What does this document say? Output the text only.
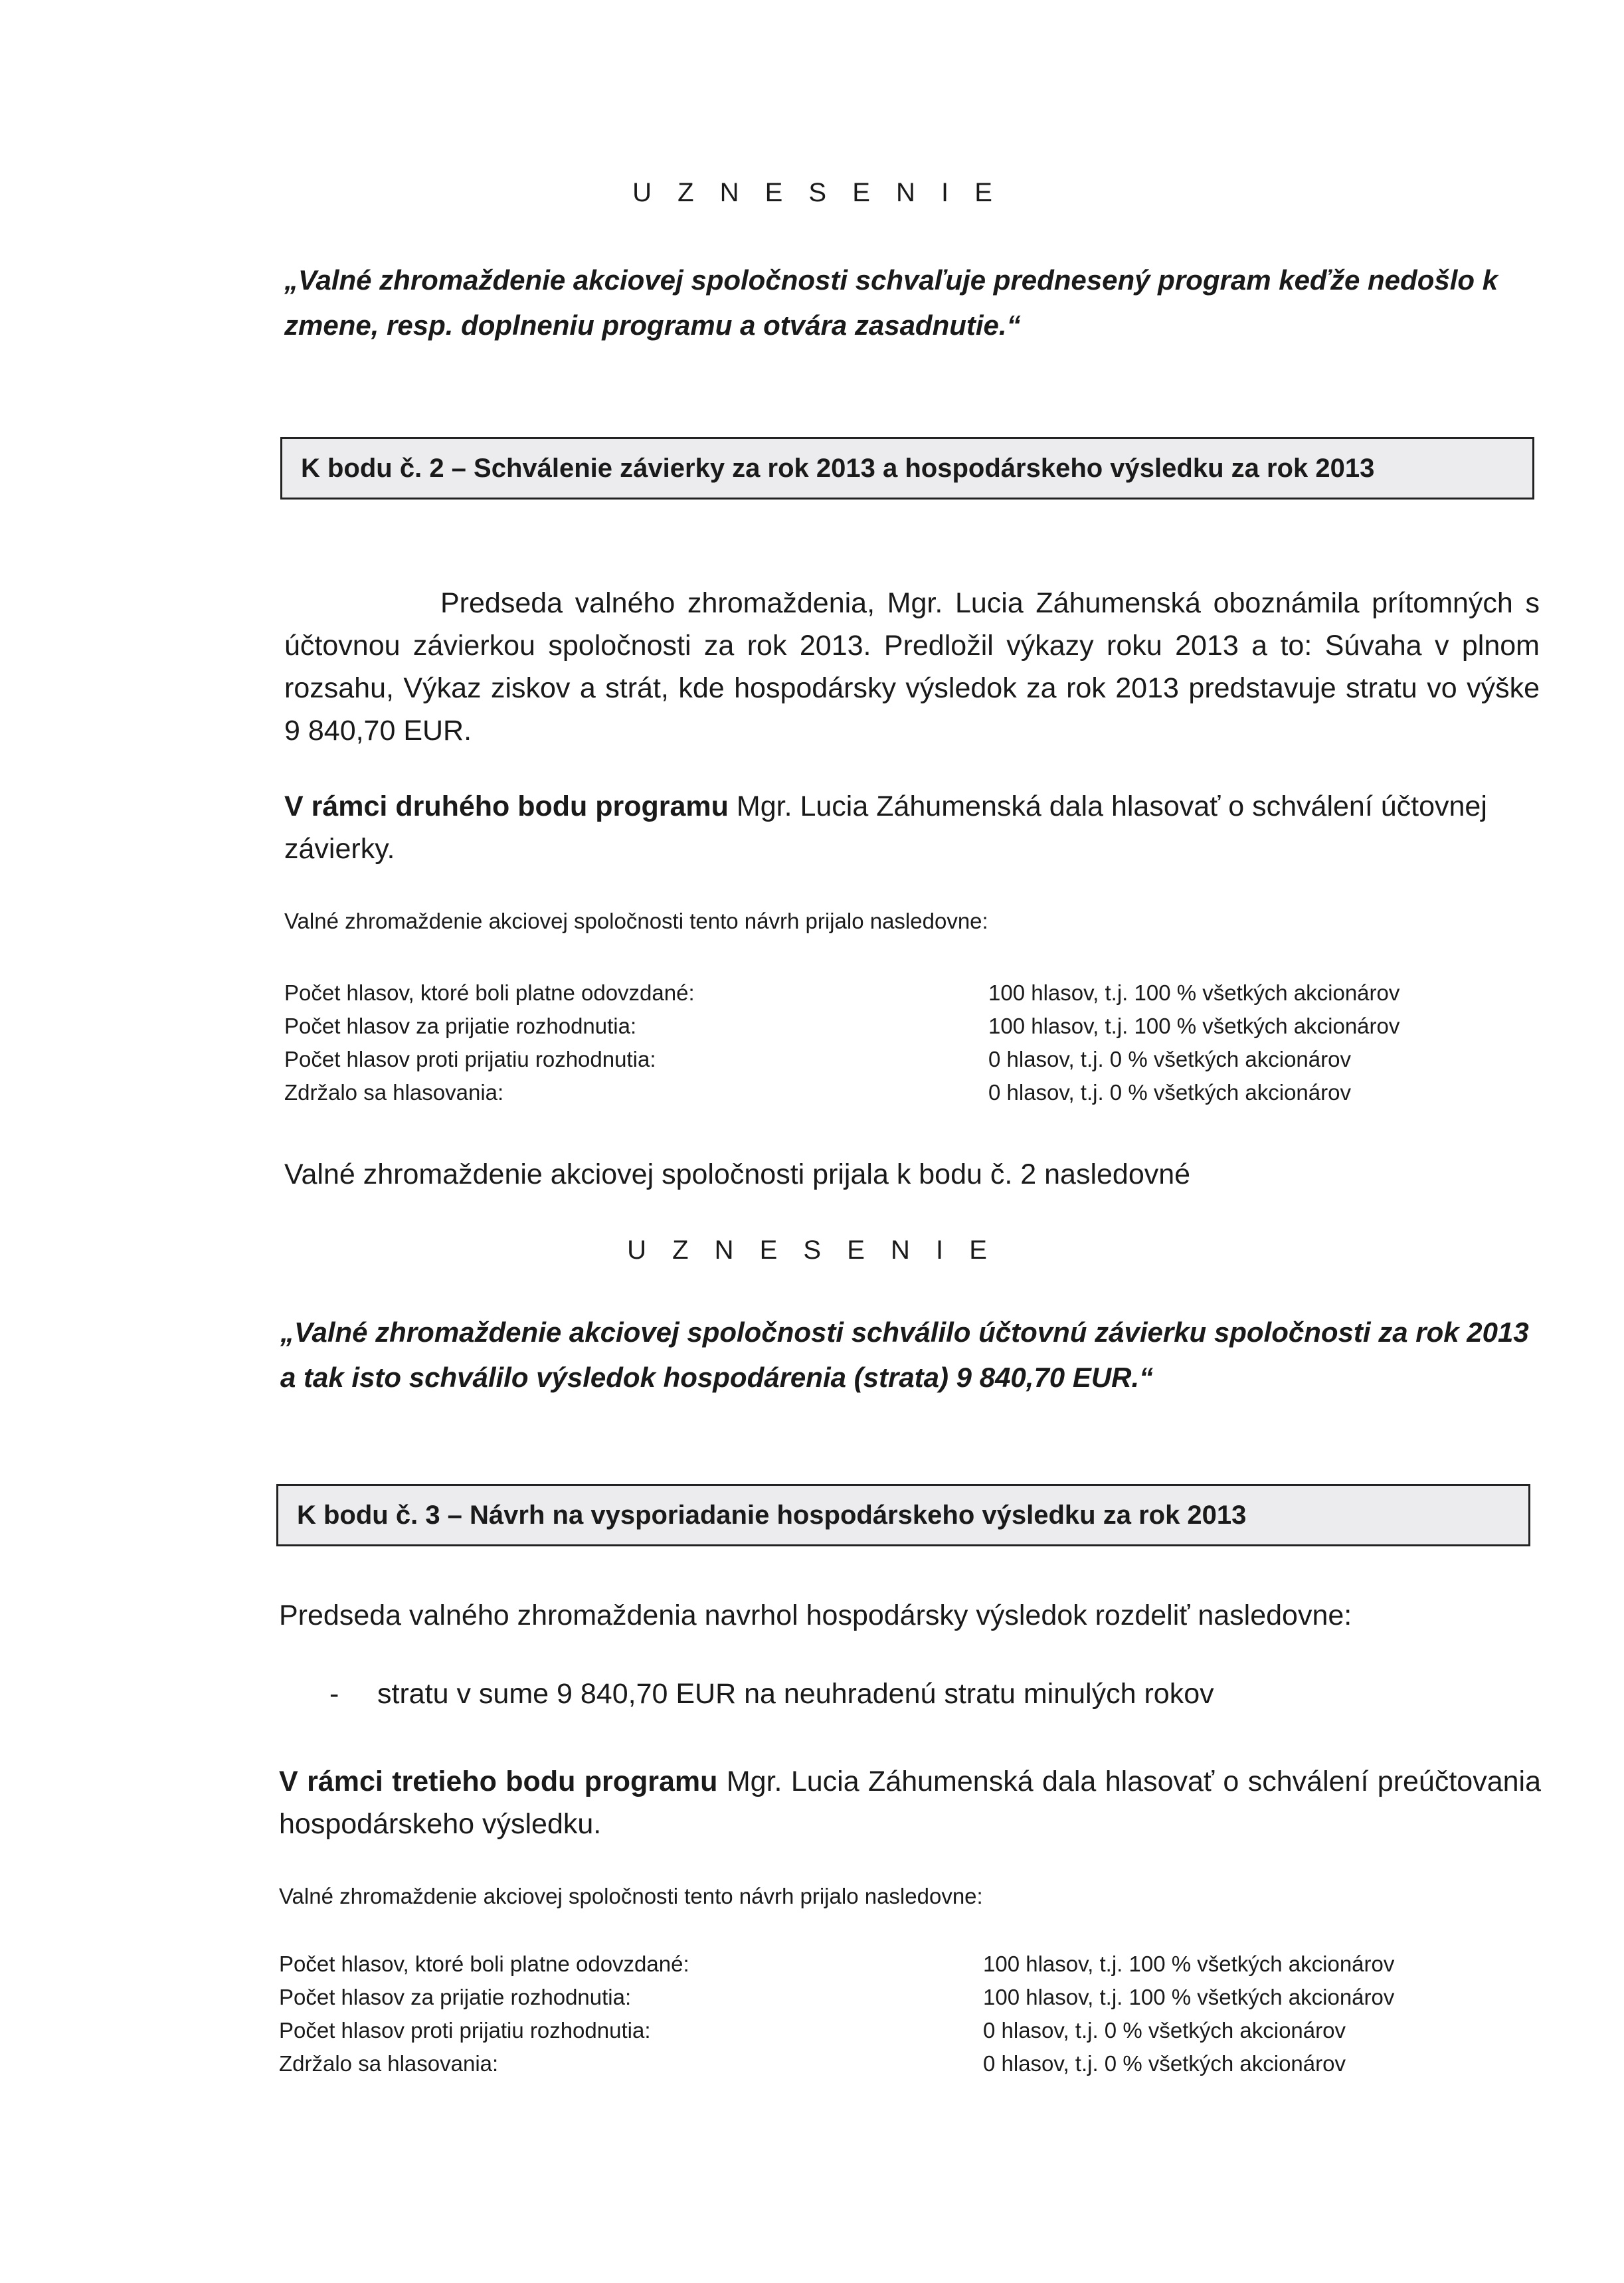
U Z N E S E N I E
„Valné zhromaždenie akciovej spoločnosti schvaľuje prednesený program keďže nedošlo k zmene, resp. doplneniu programu a otvára zasadnutie.“
K bodu č. 2 – Schválenie závierky za rok 2013 a hospodárskeho výsledku za rok 2013
Predseda valného zhromaždenia, Mgr. Lucia Záhumenská oboznámila prítomných s účtovnou závierkou spoločnosti za rok 2013. Predložil výkazy roku 2013 a to: Súvaha v plnom rozsahu, Výkaz ziskov a strát, kde hospodársky výsledok za rok 2013 predstavuje stratu vo výške 9 840,70 EUR.
V rámci druhého bodu programu Mgr. Lucia Záhumenská dala hlasovať o schválení účtovnej závierky.
Valné zhromaždenie akciovej spoločnosti tento návrh prijalo nasledovne:
Počet hlasov, ktoré boli platne odovzdané:	100 hlasov, t.j. 100 % všetkých akcionárov
Počet hlasov za prijatie rozhodnutia:	100 hlasov, t.j. 100 % všetkých akcionárov
Počet hlasov proti prijatiu rozhodnutia:	0 hlasov, t.j. 0 % všetkých akcionárov
Zdržalo sa hlasovania:	0 hlasov, t.j. 0 % všetkých akcionárov
Valné zhromaždenie akciovej spoločnosti prijala k bodu č. 2 nasledovné
U Z N E S E N I E
„Valné zhromaždenie akciovej spoločnosti schválilo účtovnú závierku spoločnosti za rok 2013 a tak isto schválilo výsledok hospodárenia (strata) 9 840,70 EUR.“
K bodu č. 3 – Návrh na vysporiadanie hospodárskeho výsledku za rok 2013
Predseda valného zhromaždenia navrhol hospodársky výsledok rozdeliť nasledovne:
- stratu v sume 9 840,70 EUR na neuhradenú stratu minulých rokov
V rámci tretieho bodu programu Mgr. Lucia Záhumenská dala hlasovať o schválení preúčtovania hospodárskeho výsledku.
Valné zhromaždenie akciovej spoločnosti tento návrh prijalo nasledovne:
Počet hlasov, ktoré boli platne odovzdané:	100 hlasov, t.j. 100 % všetkých akcionárov
Počet hlasov za prijatie rozhodnutia:	100 hlasov, t.j. 100 % všetkých akcionárov
Počet hlasov proti prijatiu rozhodnutia:	0 hlasov, t.j. 0 % všetkých akcionárov
Zdržalo sa hlasovania:	0 hlasov, t.j. 0 % všetkých akcionárov
